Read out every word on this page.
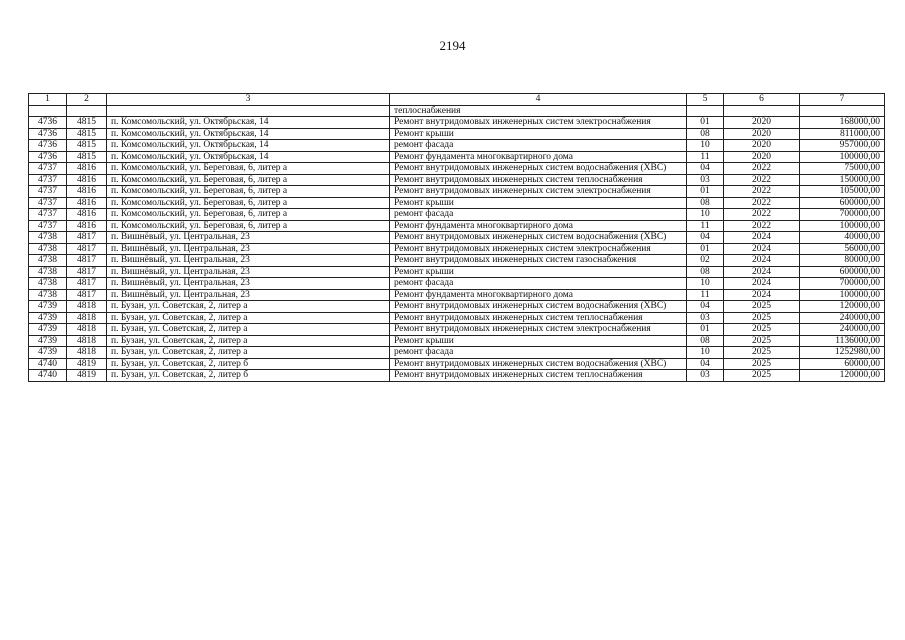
2194
1	2	3	4	5	6	7
			теплоснабжения			
4736	4815	п. Комсомольский, ул. Октябрьская, 14	Ремонт внутридомовых инженерных систем электроснабжения	01	2020	168000,00
4736	4815	п. Комсомольский, ул. Октябрьская, 14	Ремонт крыши	08	2020	811000,00
4736	4815	п. Комсомольский, ул. Октябрьская, 14	ремонт фасада	10	2020	957000,00
4736	4815	п. Комсомольский, ул. Октябрьская, 14	Ремонт фундамента многоквартирного дома	11	2020	100000,00
4737	4816	п. Комсомольский, ул. Береговая, 6, литер а	Ремонт внутридомовых инженерных систем водоснабжения (ХВС)	04	2022	75000,00
4737	4816	п. Комсомольский, ул. Береговая, 6, литер а	Ремонт внутридомовых инженерных систем теплоснабжения	03	2022	150000,00
4737	4816	п. Комсомольский, ул. Береговая, 6, литер а	Ремонт внутридомовых инженерных систем электроснабжения	01	2022	105000,00
4737	4816	п. Комсомольский, ул. Береговая, 6, литер а	Ремонт крыши	08	2022	600000,00
4737	4816	п. Комсомольский, ул. Береговая, 6, литер а	ремонт фасада	10	2022	700000,00
4737	4816	п. Комсомольский, ул. Береговая, 6, литер а	Ремонт фундамента многоквартирного дома	11	2022	100000,00
4738	4817	п. Вишнёвый, ул. Центральная, 23	Ремонт внутридомовых инженерных систем водоснабжения (ХВС)	04	2024	40000,00
4738	4817	п. Вишнёвый, ул. Центральная, 23	Ремонт внутридомовых инженерных систем электроснабжения	01	2024	56000,00
4738	4817	п. Вишнёвый, ул. Центральная, 23	Ремонт внутридомовых инженерных систем газоснабжения	02	2024	80000,00
4738	4817	п. Вишнёвый, ул. Центральная, 23	Ремонт крыши	08	2024	600000,00
4738	4817	п. Вишнёвый, ул. Центральная, 23	ремонт фасада	10	2024	700000,00
4738	4817	п. Вишнёвый, ул. Центральная, 23	Ремонт фундамента многоквартирного дома	11	2024	100000,00
4739	4818	п. Бузан, ул. Советская, 2, литер а	Ремонт внутридомовых инженерных систем водоснабжения (ХВС)	04	2025	120000,00
4739	4818	п. Бузан, ул. Советская, 2, литер а	Ремонт внутридомовых инженерных систем теплоснабжения	03	2025	240000,00
4739	4818	п. Бузан, ул. Советская, 2, литер а	Ремонт внутридомовых инженерных систем электроснабжения	01	2025	240000,00
4739	4818	п. Бузан, ул. Советская, 2, литер а	Ремонт крыши	08	2025	1136000,00
4739	4818	п. Бузан, ул. Советская, 2, литер а	ремонт фасада	10	2025	1252980,00
4740	4819	п. Бузан, ул. Советская, 2, литер б	Ремонт внутридомовых инженерных систем водоснабжения (ХВС)	04	2025	60000,00
4740	4819	п. Бузан, ул. Советская, 2, литер б	Ремонт внутридомовых инженерных систем теплоснабжения	03	2025	120000,00
